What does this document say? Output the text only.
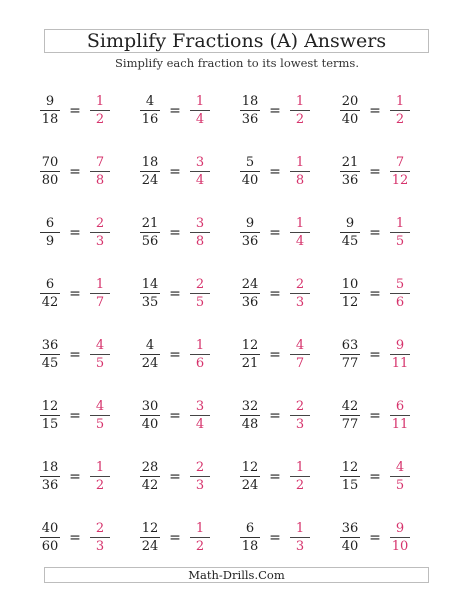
Simplify Fractions (A) Answers
Simplify each fraction to its lowest terms.
$\frac{9}{18} = \frac{1}{2} \frac{4}{16} = \frac{1}{4} \frac{18}{36} = \frac{1}{2} \frac{20}{40} = \frac{1}{2}$
$\frac{70}{80} = \frac{7}{8} \frac{18}{24} = \frac{3}{4} \frac{5}{40} = \frac{1}{8} \frac{21}{36} = \frac{7}{12}$
$\frac{6}{9} = \frac{2}{3} \frac{21}{56} = \frac{3}{8} \frac{9}{36} = \frac{1}{4} \frac{9}{45} = \frac{1}{5}$
$\frac{6}{42} = \frac{1}{7} \frac{14}{35} = \frac{2}{5} \frac{24}{36} = \frac{2}{3} \frac{10}{12} = \frac{5}{6}$
$\frac{36}{45} = \frac{4}{5} \frac{4}{24} = \frac{1}{6} \frac{12}{21} = \frac{4}{7} \frac{63}{77} = \frac{9}{11}$
$\frac{12}{15} = \frac{4}{5} \frac{30}{40} = \frac{3}{4} \frac{32}{48} = \frac{2}{3} \frac{42}{77} = \frac{6}{11}$
$\frac{18}{36} = \frac{1}{2} \frac{28}{42} = \frac{2}{3} \frac{12}{24} = \frac{1}{2} \frac{12}{15} = \frac{4}{5}$
$\frac{40}{60} = \frac{2}{3} \frac{12}{24} = \frac{1}{2} \frac{6}{18} = \frac{1}{3} \frac{36}{40} = \frac{9}{10}$
Math-Drills.Com
